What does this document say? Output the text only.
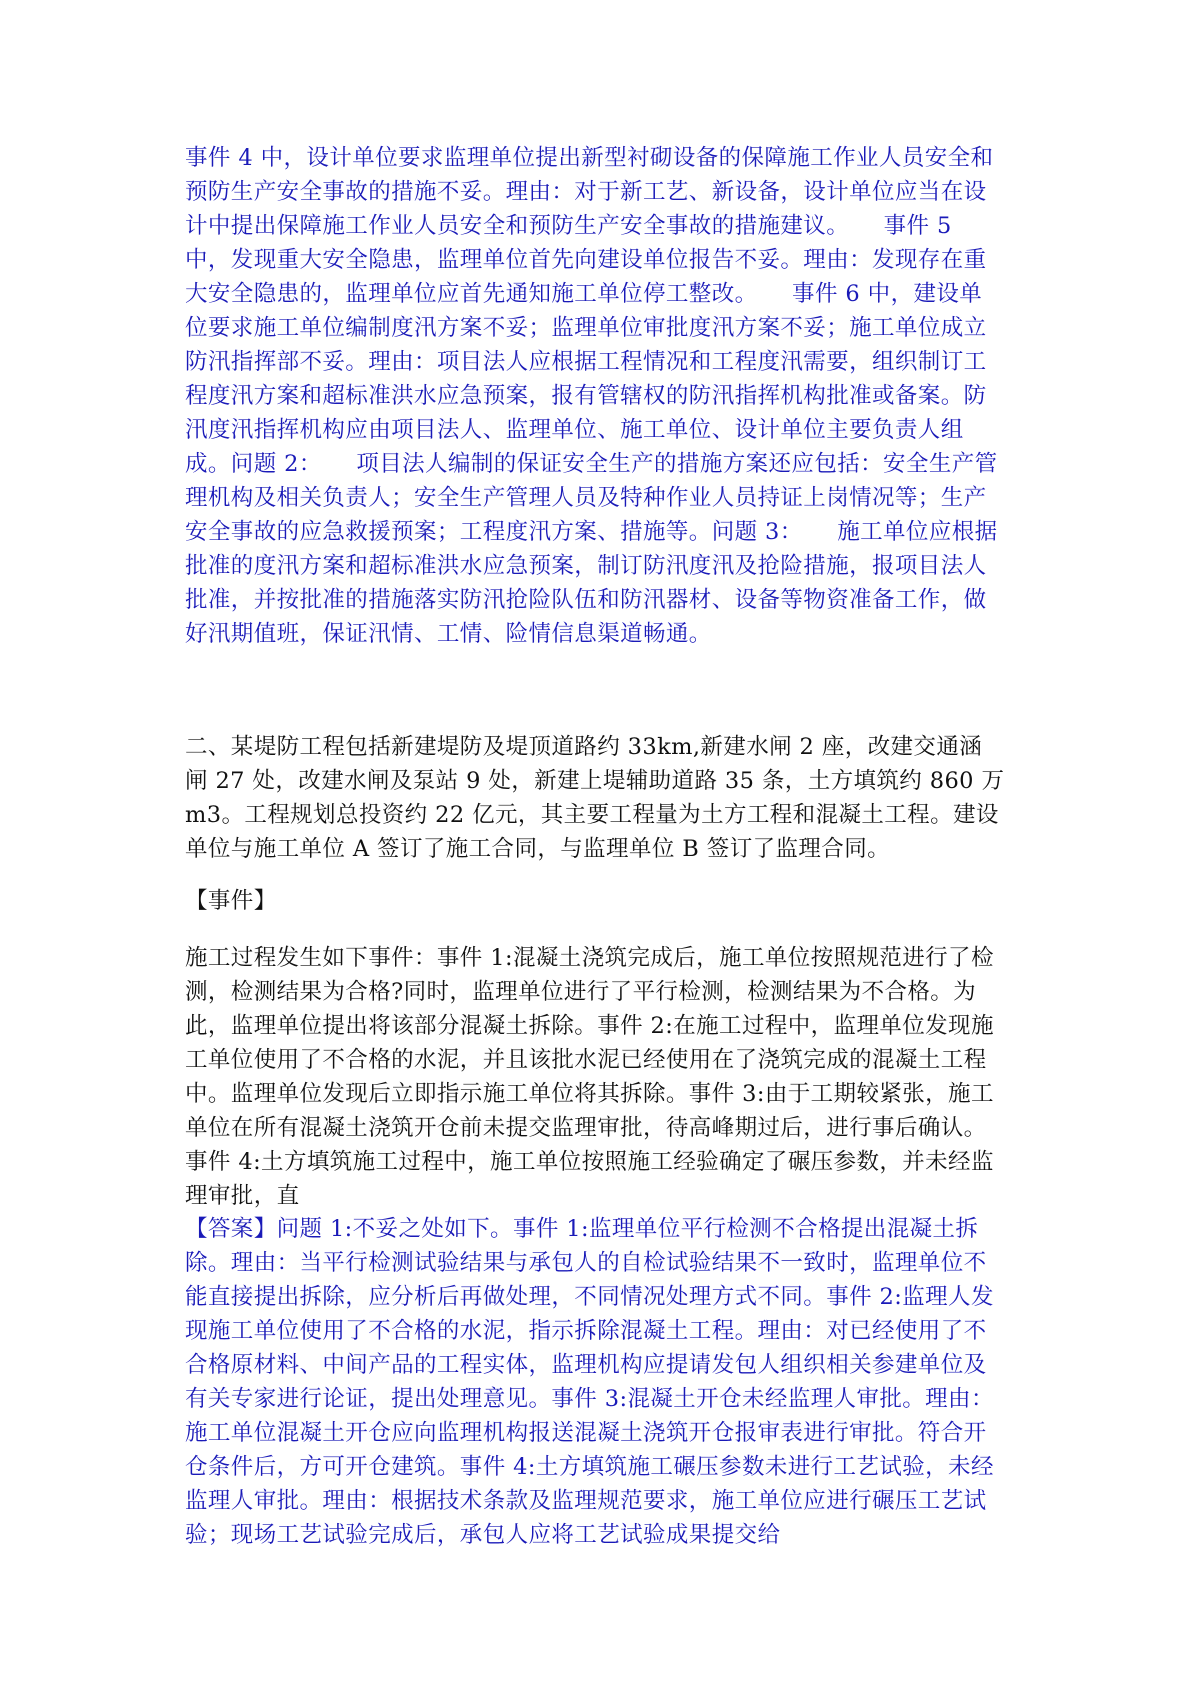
事件 4 中，设计单位要求监理单位提出新型衬砌设备的保障施工作业人员安全和预防生产安全事故的措施不妥。理由：对于新工艺、新设备，设计单位应当在设计中提出保障施工作业人员安全和预防生产安全事故的措施建议。　　事件 5 中，发现重大安全隐患，监理单位首先向建设单位报告不妥。理由：发现存在重大安全隐患的，监理单位应首先通知施工单位停工整改。　　事件 6 中，建设单位要求施工单位编制度汛方案不妥；监理单位审批度汛方案不妥；施工单位成立防汛指挥部不妥。理由：项目法人应根据工程情况和工程度汛需要，组织制订工程度汛方案和超标准洪水应急预案，报有管辖权的防汛指挥机构批准或备案。防汛度汛指挥机构应由项目法人、监理单位、施工单位、设计单位主要负责人组成。问题 2：　　项目法人编制的保证安全生产的措施方案还应包括：安全生产管理机构及相关负责人；安全生产管理人员及特种作业人员持证上岗情况等；生产安全事故的应急救援预案；工程度汛方案、措施等。问题 3：　　施工单位应根据批准的度汛方案和超标准洪水应急预案，制订防汛度汛及抢险措施，报项目法人批准，并按批准的措施落实防汛抢险队伍和防汛器材、设备等物资准备工作，做好汛期值班，保证汛情、工情、险情信息渠道畅通。

二、某堤防工程包括新建堤防及堤顶道路约 33km,新建水闸 2 座，改建交通涵闸 27 处，改建水闸及泵站 9 处，新建上堤辅助道路 35 条，土方填筑约 860 万 m3。工程规划总投资约 22 亿元，其主要工程量为土方工程和混凝土工程。建设单位与施工单位 A 签订了施工合同，与监理单位 B 签订了监理合同。

【事件】

施工过程发生如下事件：事件 1:混凝土浇筑完成后，施工单位按照规范进行了检测，检测结果为合格?同时，监理单位进行了平行检测，检测结果为不合格。为此，监理单位提出将该部分混凝土拆除。事件 2:在施工过程中，监理单位发现施工单位使用了不合格的水泥，并且该批水泥已经使用在了浇筑完成的混凝土工程中。监理单位发现后立即指示施工单位将其拆除。事件 3:由于工期较紧张，施工单位在所有混凝土浇筑开仓前未提交监理审批，待高峰期过后，进行事后确认。事件 4:土方填筑施工过程中，施工单位按照施工经验确定了碾压参数，并未经监理审批，直

【答案】问题 1:不妥之处如下。事件 1:监理单位平行检测不合格提出混凝土拆除。理由：当平行检测试验结果与承包人的自检试验结果不一致时，监理单位不能直接提出拆除，应分析后再做处理，不同情况处理方式不同。事件 2:监理人发现施工单位使用了不合格的水泥，指示拆除混凝土工程。理由：对已经使用了不合格原材料、中间产品的工程实体，监理机构应提请发包人组织相关参建单位及有关专家进行论证，提出处理意见。事件 3:混凝土开仓未经监理人审批。理由：施工单位混凝土开仓应向监理机构报送混凝土浇筑开仓报审表进行审批。符合开仓条件后，方可开仓建筑。事件 4:土方填筑施工碾压参数未进行工艺试验，未经监理人审批。理由：根据技术条款及监理规范要求，施工单位应进行碾压工艺试验；现场工艺试验完成后，承包人应将工艺试验成果提交给
